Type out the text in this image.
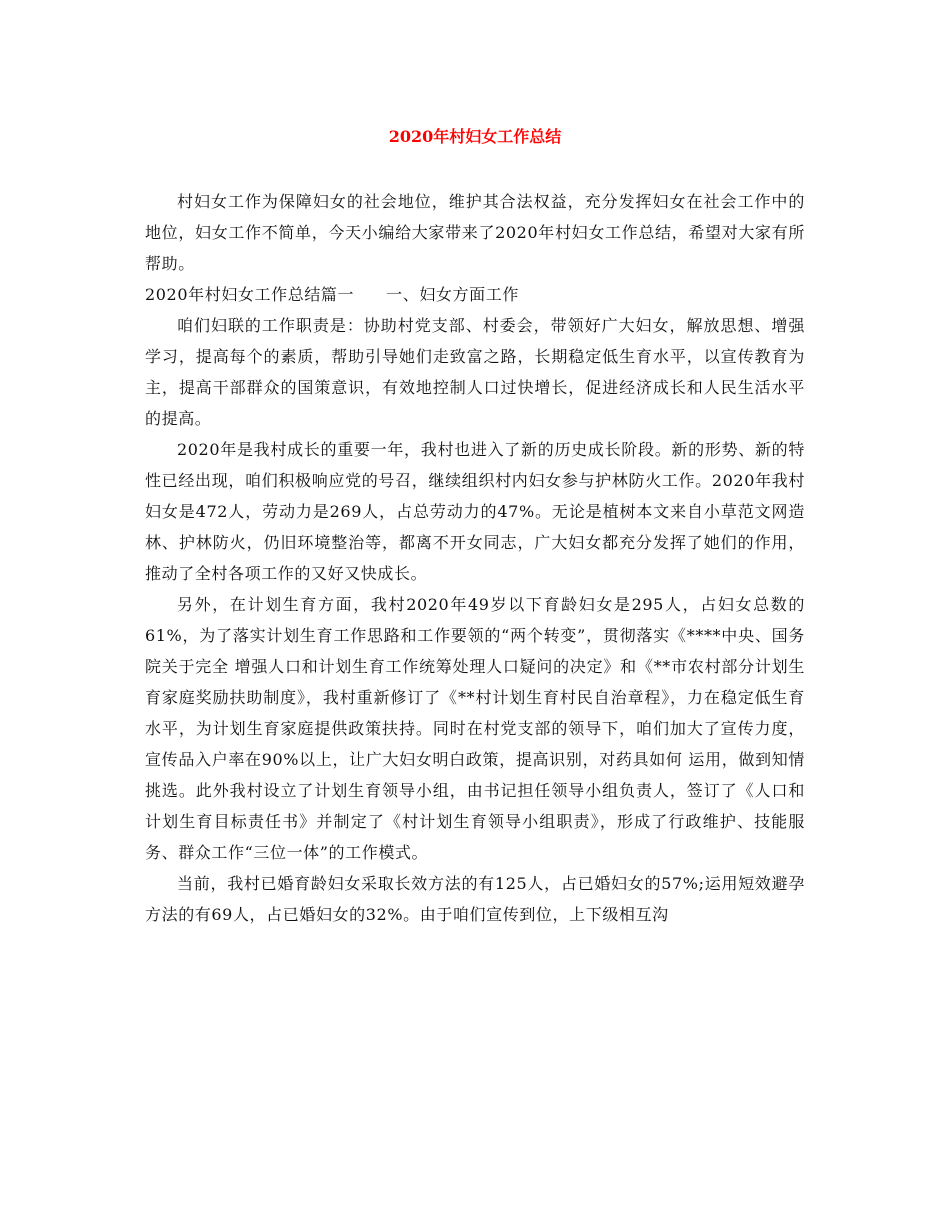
2020年村妇女工作总结

村妇女工作为保障妇女的社会地位，维护其合法权益，充分发挥妇女在社会工作中的地位，妇女工作不简单，今天小编给大家带来了2020年村妇女工作总结，希望对大家有所帮助。

2020年村妇女工作总结篇一 一、妇女方面工作

咱们妇联的工作职责是：协助村党支部、村委会，带领好广大妇女，解放思想、增强学习，提高每个的素质，帮助引导她们走致富之路，长期稳定低生育水平，以宣传教育为主，提高干部群众的国策意识，有效地控制人口过快增长，促进经济成长和人民生活水平的提高。

2020年是我村成长的重要一年，我村也进入了新的历史成长阶段。新的形势、新的特性已经出现，咱们积极响应党的号召，继续组织村内妇女参与护林防火工作。2020年我村妇女是472人，劳动力是269人，占总劳动力的47%。无论是植树本文来自小草范文网造林、护林防火，仍旧环境整治等，都离不开女同志，广大妇女都充分发挥了她们的作用，推动了全村各项工作的又好又快成长。

另外，在计划生育方面，我村2020年49岁以下育龄妇女是295人，占妇女总数的61%，为了落实计划生育工作思路和工作要领的“两个转变”，贯彻落实《****中央、国务院关于完全 增强人口和计划生育工作统筹处理人口疑问的决定》和《**市农村部分计划生育家庭奖励扶助制度》，我村重新修订了《**村计划生育村民自治章程》，力在稳定低生育水平，为计划生育家庭提供政策扶持。同时在村党支部的领导下，咱们加大了宣传力度，宣传品入户率在90%以上，让广大妇女明白政策，提高识别，对药具如何 运用，做到知情挑选。此外我村设立了计划生育领导小组，由书记担任领导小组负责人，签订了《人口和计划生育目标责任书》并制定了《村计划生育领导小组职责》，形成了行政维护、技能服务、群众工作“三位一体”的工作模式。

当前，我村已婚育龄妇女采取长效方法的有125人，占已婚妇女的57%;运用短效避孕方法的有69人，占已婚妇女的32%。由于咱们宣传到位，上下级相互沟
